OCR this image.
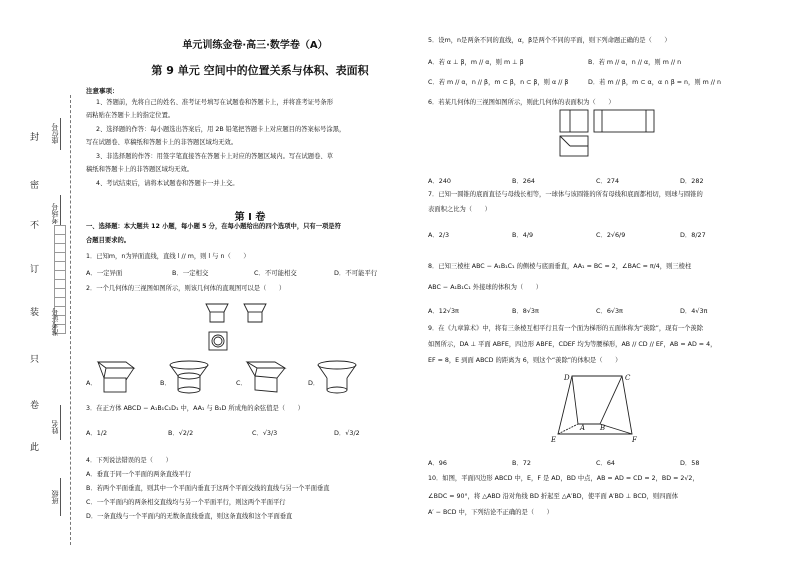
封
密
不
订
装
只
卷
此
座位号
考场号
准考证号
姓名
班级
单元训练金卷·高三·数学卷（A）
第 9 单元 空间中的位置关系与体积、表面积
注意事项：
1、答题前，先将自己的姓名、准考证号填写在试题卷和答题卡上，并将准考证号条形
码粘贴在答题卡上的指定位置。
2、选择题的作答：每小题选出答案后，用 2B 铅笔把答题卡上对应题目的答案标号涂黑，
写在试题卷、草稿纸和答题卡上的非答题区域均无效。
3、非选择题的作答：用签字笔直接答在答题卡上对应的答题区域内。写在试题卷、草
稿纸和答题卡上的非答题区域均无效。
4、考试结束后，请将本试题卷和答题卡一并上交。
第 I 卷
一、选择题：本大题共 12 小题，每小题 5 分，在每小题给出的四个选项中，只有一项是符
合题目要求的。
1．已知m，n为异面直线，直线 l // m，则 l 与 n（　　）
A．一定异面	B．一定相交	C．不可能相交	D．不可能平行
2．一个几何体的三视图如图所示，则该几何体的直观图可以是（　　）
A．	B．	C．	D．
3．在正方体 ABCD − A₁B₁C₁D₁ 中，AA₁ 与 B₁D 所成角的余弦值是（　　）
A．1/2	B．√2/2	C．√3/3	D．√3/2
4．下列说法错误的是（　　）
A．垂直于同一个平面的两条直线平行
B．若两个平面垂直，则其中一个平面内垂直于这两个平面交线的直线与另一个平面垂直
C．一个平面内的两条相交直线均与另一个平面平行，则这两个平面平行
D．一条直线与一个平面内的无数条直线垂直，则这条直线和这个平面垂直
5．设m，n是两条不同的直线，α，β是两个不同的平面，则下列命题正确的是（　　）
A．若 α ⊥ β，m // α，则 m ⊥ β	B．若 m // α，n // α，则 m // n
C．若 m // α，n // β，m ⊂ β，n ⊂ β，则 α // β	D．若 m // β，m ⊂ α，α ∩ β = n，则 m // n
6．若某几何体的三视图如图所示，则此几何体的表面积为（　　）
A．240	B．264	C．274	D．282
7．已知一圆锥的底面直径与母线长相等，一球体与该圆锥的所有母线和底面都相切，则球与圆锥的
表面积之比为（　　）
A．2/3	B．4/9	C．2√6/9	D．8/27
8．已知三棱柱 ABC − A₁B₁C₁ 的侧棱与底面垂直，AA₁ = BC = 2，∠BAC = π/4，则三棱柱
ABC − A₁B₁C₁ 外接球的体积为（　　）
A．12√3π	B．8√3π	C．6√3π	D．4√3π
9．在《九章算术》中，将有三条棱互相平行且有一个面为梯形的五面体称为“羡除”，现有一个羡除
如图所示，DA ⊥ 平面 ABFE，四边形 ABFE，CDEF 均为等腰梯形，AB // CD // EF，AB = AD = 4，
EF = 8，E 到面 ABCD 的距离为 6，则这个“羡除”的体积是（　　）
D	C
A B
E	F
A．96	B．72	C．64	D．58
10．如图，平面四边形 ABCD 中，E，F 是 AD，BD 中点，AB = AD = CD = 2，BD = 2√2，
∠BDC = 90°，将 △ABD 沿对角线 BD 折起至 △A′BD，使平面 A′BD ⊥ BCD，则四面体
A′ − BCD 中，下列结论不正确的是（　　）
